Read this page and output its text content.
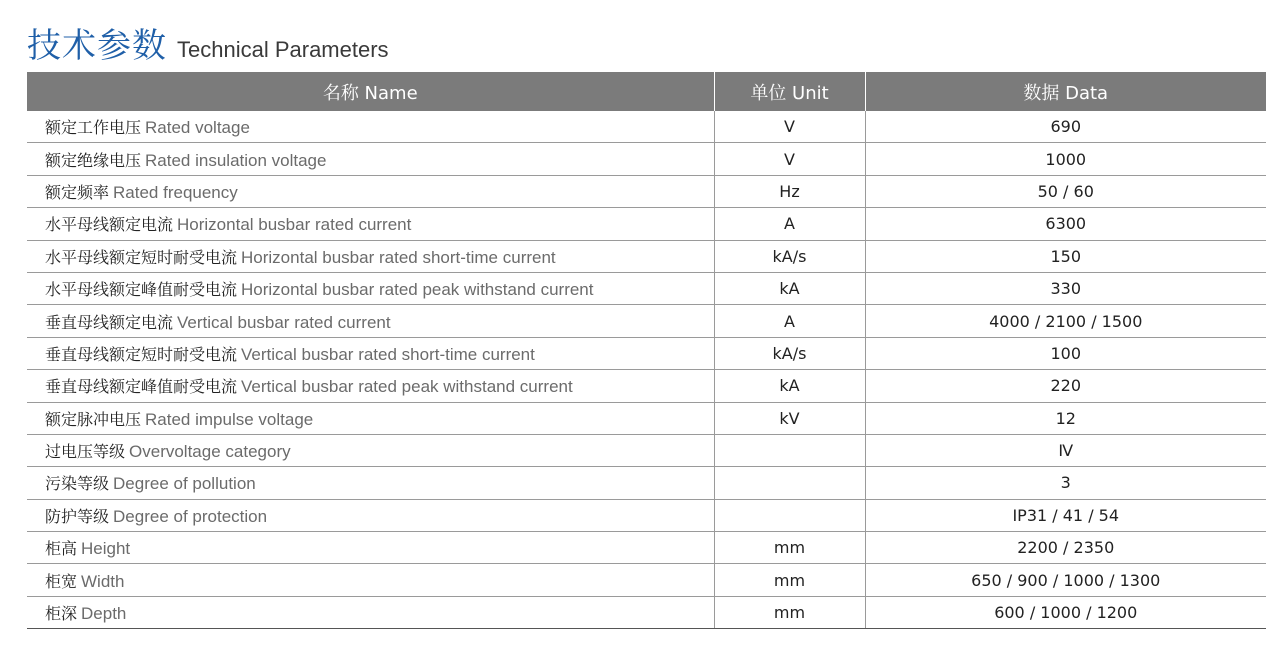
技术参数 Technical Parameters
名称 Name	单位 Unit	数据 Data
额定工作电压 Rated voltage	V	690
额定绝缘电压 Rated insulation voltage	V	1000
额定频率 Rated frequency	Hz	50 / 60
水平母线额定电流 Horizontal busbar rated current	A	6300
水平母线额定短时耐受电流 Horizontal busbar rated short-time current	kA/s	150
水平母线额定峰值耐受电流 Horizontal busbar rated peak withstand current	kA	330
垂直母线额定电流 Vertical busbar rated current	A	4000 / 2100 / 1500
垂直母线额定短时耐受电流 Vertical busbar rated short-time current	kA/s	100
垂直母线额定峰值耐受电流 Vertical busbar rated peak withstand current	kA	220
额定脉冲电压 Rated impulse voltage	kV	12
过电压等级 Overvoltage category		Ⅳ
污染等级 Degree of pollution		3
防护等级 Degree of protection		IP31 / 41 / 54
柜高 Height	mm	2200 / 2350
柜宽 Width	mm	650 / 900 / 1000 / 1300
柜深 Depth	mm	600 / 1000 / 1200
